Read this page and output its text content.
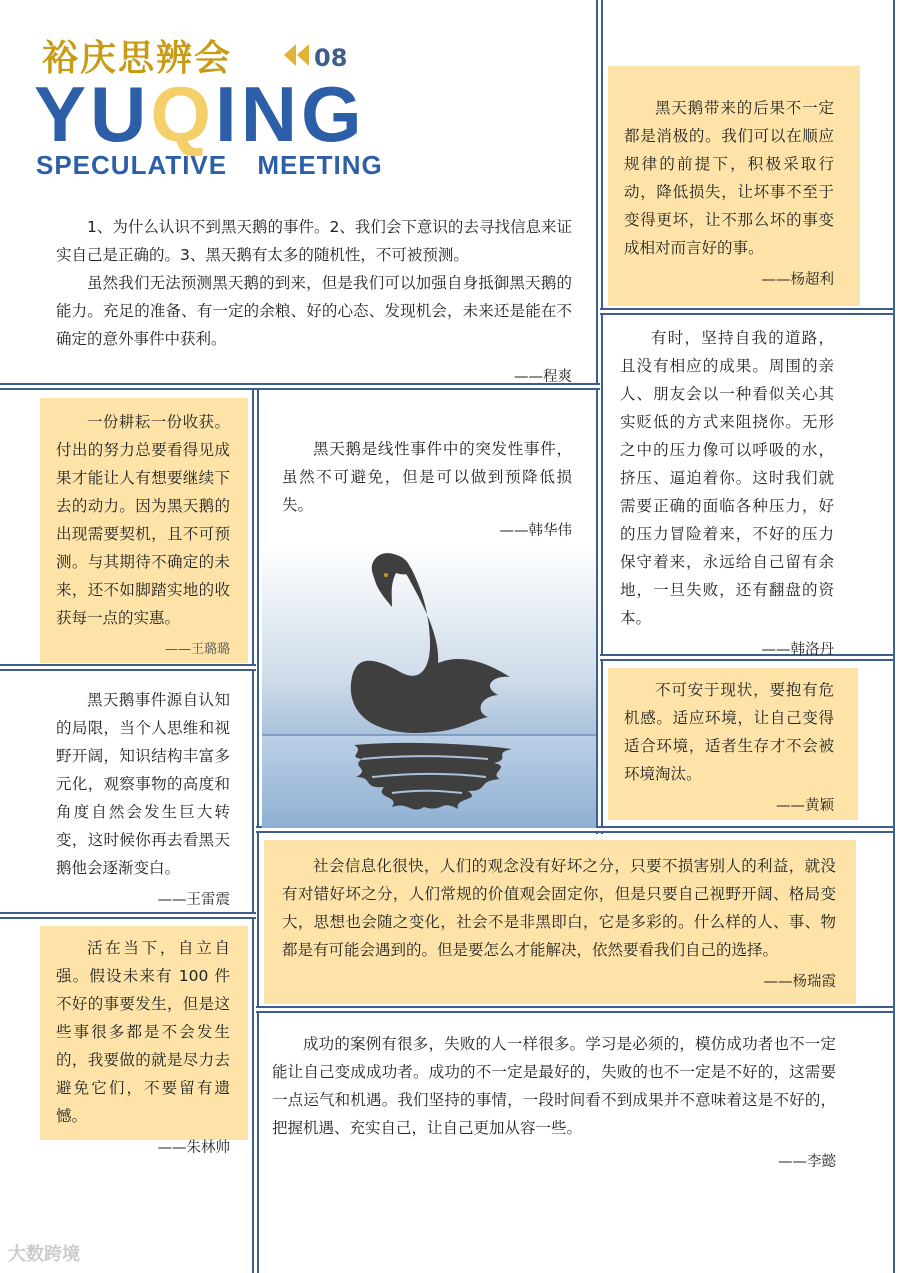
裕庆思辨会	08
YUQING
SPECULATIVE MEETING

1、为什么认识不到黑天鹅的事件。2、我们会下意识的去寻找信息来证实自己是正确的。3、黑天鹅有太多的随机性，不可被预测。

虽然我们无法预测黑天鹅的到来，但是我们可以加强自身抵御黑天鹅的能力。充足的准备、有一定的余粮、好的心态、发现机会，未来还是能在不确定的意外事件中获利。

——程爽

黑天鹅带来的后果不一定都是消极的。我们可以在顺应规律的前提下，积极采取行动，降低损失，让坏事不至于变得更坏，让不那么坏的事变成相对而言好的事。

——杨超利

有时，坚持自我的道路，且没有相应的成果。周围的亲人、朋友会以一种看似关心其实贬低的方式来阻挠你。无形之中的压力像可以呼吸的水，挤压、逼迫着你。这时我们就需要正确的面临各种压力，好的压力冒险着来，不好的压力保守着来，永远给自己留有余地，一旦失败，还有翻盘的资本。

——韩洛丹

一份耕耘一份收获。付出的努力总要看得见成果才能让人有想要继续下去的动力。因为黑天鹅的出现需要契机，且不可预测。与其期待不确定的未来，还不如脚踏实地的收获每一点的实惠。

——王璐璐

黑天鹅是线性事件中的突发性事件，虽然不可避免，但是可以做到预降低损失。

——韩华伟

不可安于现状，要抱有危机感。适应环境，让自己变得适合环境，适者生存才不会被环境淘汰。

——黄颖

黑天鹅事件源自认知的局限，当个人思维和视野开阔，知识结构丰富多元化，观察事物的高度和角度自然会发生巨大转变，这时候你再去看黑天鹅他会逐渐变白。

——王雷震

社会信息化很快，人们的观念没有好坏之分，只要不损害别人的利益，就没有对错好坏之分，人们常规的价值观会固定你，但是只要自己视野开阔、格局变大，思想也会随之变化，社会不是非黑即白，它是多彩的。什么样的人、事、物都是有可能会遇到的。但是要怎么才能解决，依然要看我们自己的选择。

——杨瑞霞

活在当下，自立自强。假设未来有 100 件不好的事要发生，但是这些事很多都是不会发生的，我要做的就是尽力去避免它们，不要留有遗憾。

——朱林帅

成功的案例有很多，失败的人一样很多。学习是必须的，模仿成功者也不一定能让自己变成成功者。成功的不一定是最好的，失败的也不一定是不好的，这需要一点运气和机遇。我们坚持的事情，一段时间看不到成果并不意味着这是不好的，把握机遇、充实自己，让自己更加从容一些。

——李懿
大数跨境
